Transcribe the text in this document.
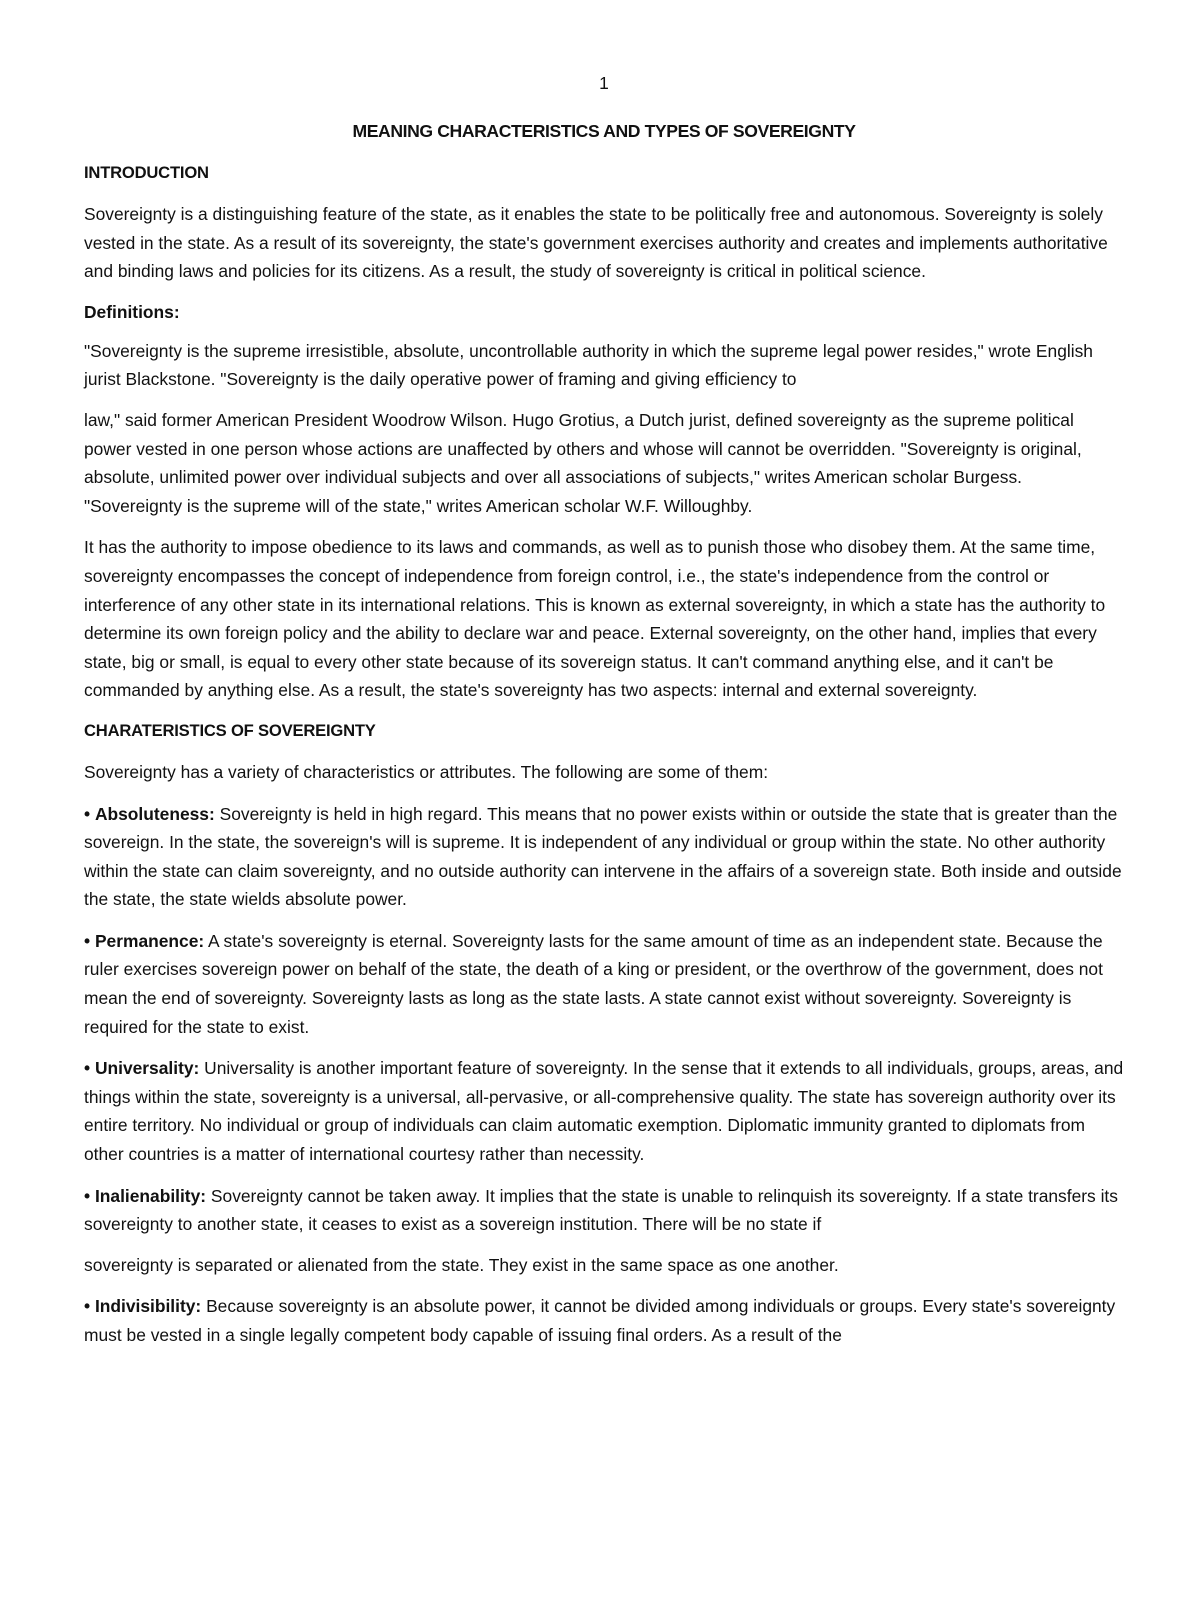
1
MEANING CHARACTERISTICS AND TYPES OF SOVEREIGNTY
INTRODUCTION

Sovereignty is a distinguishing feature of the state, as it enables the state to be politically free and autonomous. Sovereignty is solely vested in the state. As a result of its sovereignty, the state's government exercises authority and creates and implements authoritative and binding laws and policies for its citizens. As a result, the study of sovereignty is critical in political science.

Definitions:

"Sovereignty is the supreme irresistible, absolute, uncontrollable authority in which the supreme legal power resides," wrote English jurist Blackstone. "Sovereignty is the daily operative power of framing and giving efficiency to
law," said former American President Woodrow Wilson. Hugo Grotius, a Dutch jurist, defined sovereignty as the supreme political power vested in one person whose actions are unaffected by others and whose will cannot be overridden. "Sovereignty is original, absolute, unlimited power over individual subjects and over all associations of subjects," writes American scholar Burgess. "Sovereignty is the supreme will of the state," writes American scholar W.F. Willoughby.

It has the authority to impose obedience to its laws and commands, as well as to punish those who disobey them. At the same time, sovereignty encompasses the concept of independence from foreign control, i.e., the state's independence from the control or interference of any other state in its international relations. This is known as external sovereignty, in which a state has the authority to determine its own foreign policy and the ability to declare war and peace. External sovereignty, on the other hand, implies that every state, big or small, is equal to every other state because of its sovereign status. It can't command anything else, and it can't be commanded by anything else. As a result, the state's sovereignty has two aspects: internal and external sovereignty.

CHARATERISTICS OF SOVEREIGNTY

Sovereignty has a variety of characteristics or attributes. The following are some of them:

• Absoluteness: Sovereignty is held in high regard. This means that no power exists within or outside the state that is greater than the sovereign. In the state, the sovereign's will is supreme. It is independent of any individual or group within the state. No other authority within the state can claim sovereignty, and no outside authority can intervene in the affairs of a sovereign state. Both inside and outside the state, the state wields absolute power.

• Permanence: A state's sovereignty is eternal. Sovereignty lasts for the same amount of time as an independent state. Because the ruler exercises sovereign power on behalf of the state, the death of a king or president, or the overthrow of the government, does not mean the end of sovereignty. Sovereignty lasts as long as the state lasts. A state cannot exist without sovereignty. Sovereignty is required for the state to exist.

• Universality: Universality is another important feature of sovereignty. In the sense that it extends to all individuals, groups, areas, and things within the state, sovereignty is a universal, all-pervasive, or all-comprehensive quality. The state has sovereign authority over its entire territory. No individual or group of individuals can claim automatic exemption. Diplomatic immunity granted to diplomats from other countries is a matter of international courtesy rather than necessity.

• Inalienability: Sovereignty cannot be taken away. It implies that the state is unable to relinquish its sovereignty. If a state transfers its sovereignty to another state, it ceases to exist as a sovereign institution. There will be no state if
sovereignty is separated or alienated from the state. They exist in the same space as one another.

• Indivisibility: Because sovereignty is an absolute power, it cannot be divided among individuals or groups. Every state's sovereignty must be vested in a single legally competent body capable of issuing final orders. As a result of the
